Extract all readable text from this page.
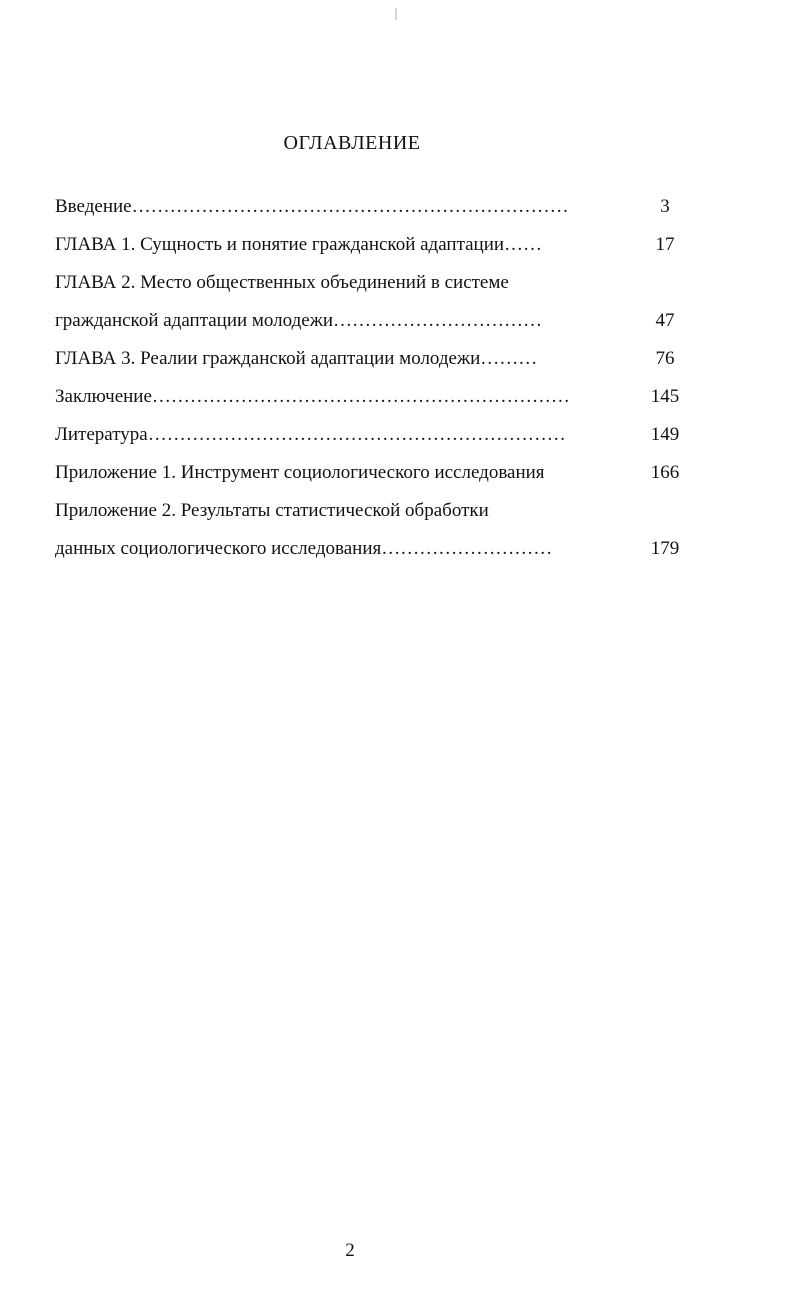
ОГЛАВЛЕНИЕ
Введение……………………………………………………………	3
ГЛАВА 1. Сущность и понятие гражданской адаптации……	17
ГЛАВА 2. Место общественных объединений в системе
гражданской адаптации молодежи……………………………	47
ГЛАВА 3. Реалии гражданской адаптации молодежи………	76
Заключение…………………………………………………………	145
Литература…………………………………………………………	149
Приложение 1. Инструмент социологического исследования	166
Приложение 2. Результаты статистической обработки
данных социологического исследования………………………	179
2
